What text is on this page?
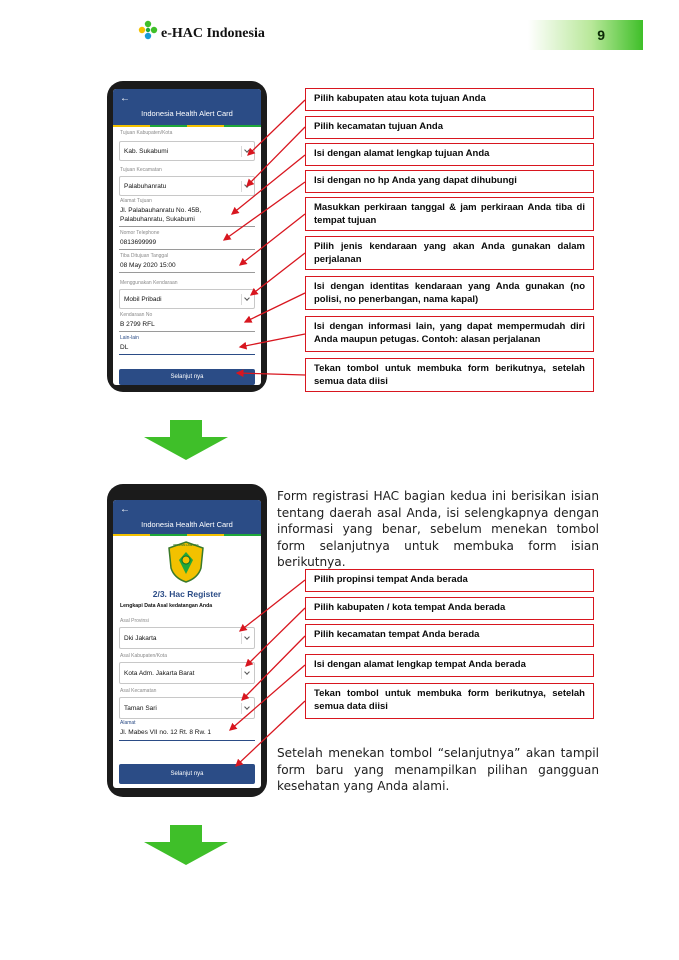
e-HAC Indonesia	9
←
Indonesia Health Alert Card
Tujuan Kabupaten/Kota
Kab. Sukabumi
Tujuan Kecamatan
Palabuhanratu
Alamat Tujuan
Jl. Palabauhanratu No. 45B,
Palabuhanratu, Sukabumi
Nomor Telephone
0813699999
Tiba Ditujuan Tanggal
08 May 2020 15:00
Menggunakan Kendaraan
Mobil Pribadi
Kendaraan No
B 2799 RFL
Lain-lain
DL
Selanjut nya
Pilih kabupaten atau kota tujuan Anda
Pilih kecamatan tujuan Anda
Isi dengan alamat lengkap tujuan Anda
Isi dengan no hp Anda yang dapat dihubungi
Masukkan perkiraan tanggal & jam perkiraan Anda tiba di tempat tujuan
Pilih jenis kendaraan yang akan Anda gunakan dalam perjalanan
Isi dengan identitas kendaraan yang Anda gunakan (no polisi, no penerbangan, nama kapal)
Isi dengan informasi lain, yang dapat mempermudah diri Anda maupun petugas. Contoh: alasan perjalanan
Tekan tombol untuk membuka form berikutnya, setelah semua data diisi
←
Indonesia Health Alert Card
PROVINSI LAMPUNG
2/3. Hac Register
Lengkapi Data Asal kedatangan Anda
Asal Provinsi
Dki Jakarta
Asal Kabupaten/Kota
Kota Adm. Jakarta Barat
Asal Kecamatan
Taman Sari
Alamat
Jl. Mabes VII no. 12 Rt. 8 Rw. 1
Selanjut nya
Form registrasi HAC bagian kedua ini berisikan isian tentang daerah asal Anda, isi selengkapnya dengan informasi yang benar, sebelum menekan tombol form selanjutnya untuk membuka form isian berikutnya.
Pilih propinsi tempat Anda berada
Pilih kabupaten / kota tempat Anda berada
Pilih kecamatan tempat Anda berada
Isi dengan alamat lengkap tempat Anda berada
Tekan tombol untuk membuka form berikutnya, setelah semua data diisi
Setelah menekan tombol “selanjutnya” akan tampil form baru yang menampilkan pilihan gangguan kesehatan yang Anda alami.
